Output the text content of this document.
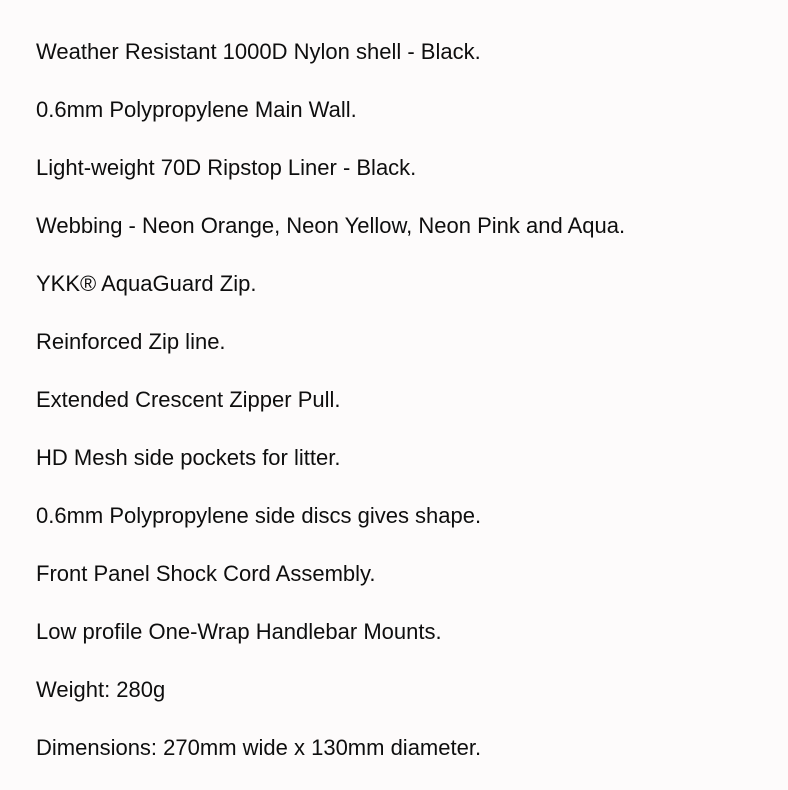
Weather Resistant 1000D Nylon shell - Black.
0.6mm Polypropylene Main Wall.
Light-weight 70D Ripstop Liner - Black.
Webbing - Neon Orange, Neon Yellow, Neon Pink and Aqua.
YKK® AquaGuard Zip.
Reinforced Zip line.
Extended Crescent Zipper Pull.
HD Mesh side pockets for litter.
0.6mm Polypropylene side discs gives shape.
Front Panel Shock Cord Assembly.
Low profile One-Wrap Handlebar Mounts.
Weight: 280g
Dimensions: 270mm wide x 130mm diameter.
